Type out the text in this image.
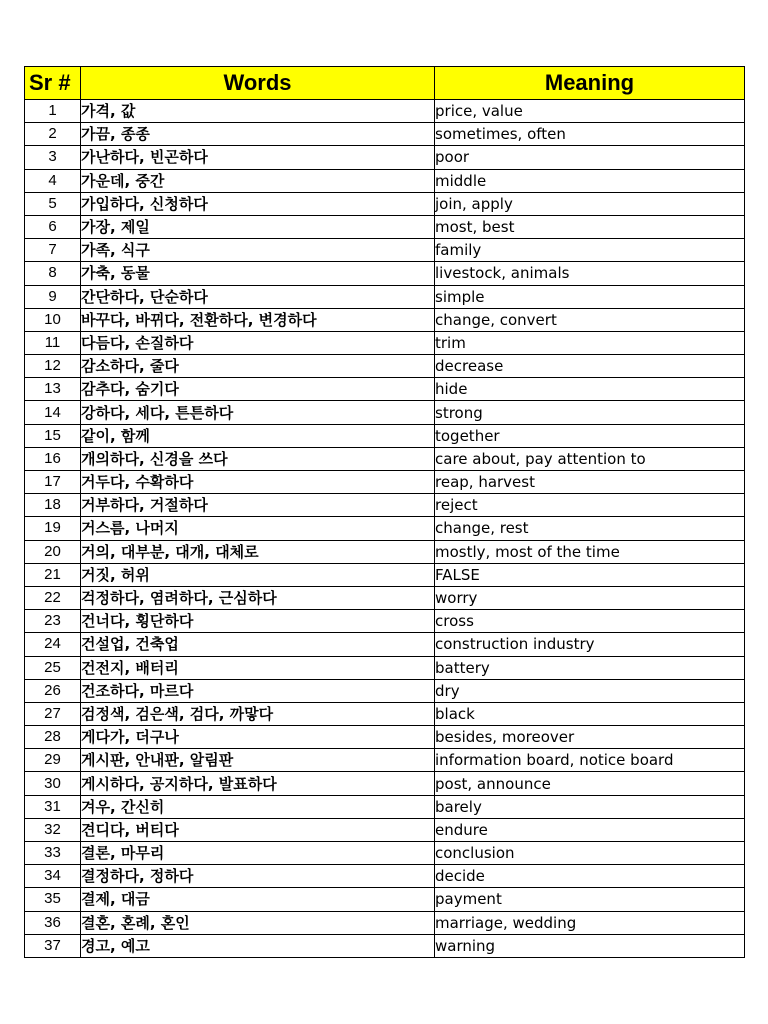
Sr #	Words	Meaning
1	가격, 값	price, value
2	가끔, 종종	sometimes, often
3	가난하다, 빈곤하다	poor
4	가운데, 중간	middle
5	가입하다, 신청하다	join, apply
6	가장, 제일	most, best
7	가족, 식구	family
8	가축, 동물	livestock, animals
9	간단하다, 단순하다	simple
10	바꾸다, 바뀌다, 전환하다, 변경하다	change, convert
11	다듬다, 손질하다	trim
12	감소하다, 줄다	decrease
13	감추다, 숨기다	hide
14	강하다, 세다, 튼튼하다	strong
15	같이, 함께	together
16	개의하다, 신경을 쓰다	care about, pay attention to
17	거두다, 수확하다	reap, harvest
18	거부하다, 거절하다	reject
19	거스름, 나머지	change, rest
20	거의, 대부분, 대개, 대체로	mostly, most of the time
21	거짓, 허위	FALSE
22	걱정하다, 염려하다, 근심하다	worry
23	건너다, 횡단하다	cross
24	건설업, 건축업	construction industry
25	건전지, 배터리	battery
26	건조하다, 마르다	dry
27	검정색, 검은색, 검다, 까맣다	black
28	게다가, 더구나	besides, moreover
29	게시판, 안내판, 알림판	information board, notice board
30	게시하다, 공지하다, 발표하다	post, announce
31	겨우, 간신히	barely
32	견디다, 버티다	endure
33	결론, 마무리	conclusion
34	결정하다, 정하다	decide
35	결제, 대금	payment
36	결혼, 혼례, 혼인	marriage, wedding
37	경고, 예고	warning
